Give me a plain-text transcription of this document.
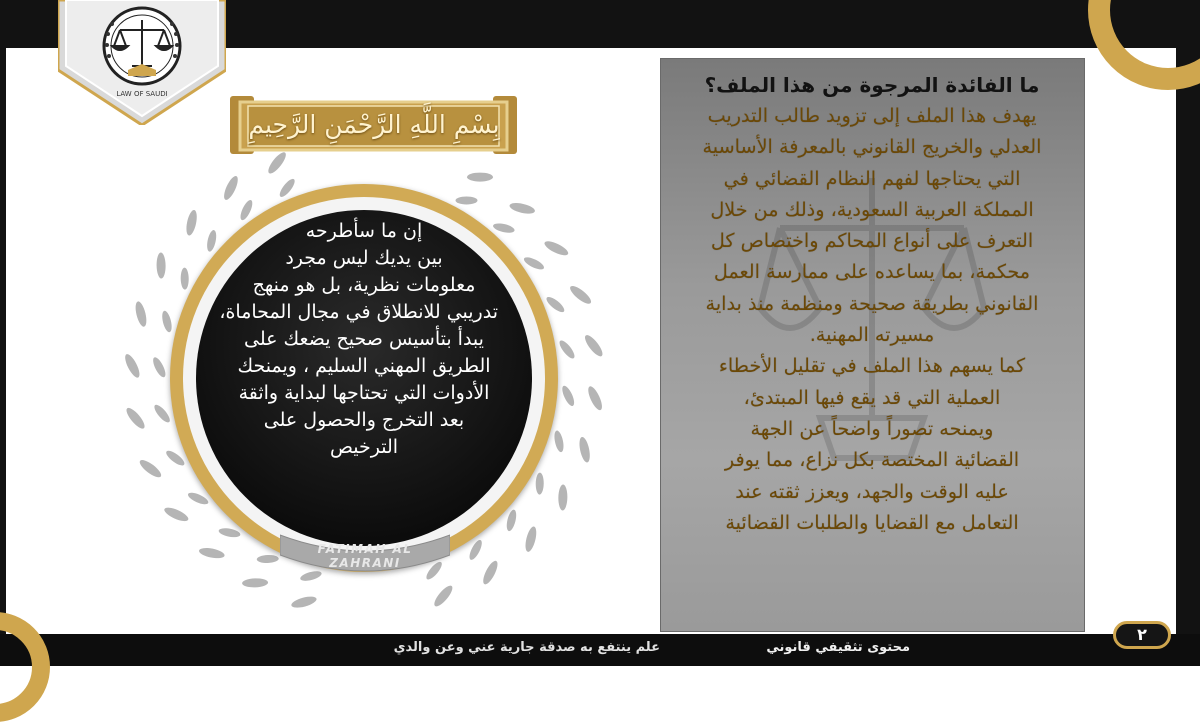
LAW OF SAUDI
بِسْمِ اللَّهِ الرَّحْمَنِ الرَّحِيمِ
إن ما سأطرحه
بين يديك ليس مجرد
معلومات نظرية، بل هو منهج
تدريبي للانطلاق في مجال المحاماة،
يبدأ بتأسيس صحيح يضعك على
الطريق المهني السليم ، ويمنحك
الأدوات التي تحتاجها لبداية واثقة
بعد التخرج والحصول على
الترخيص
FATIMAH AL ZAHRANI
ما الفائدة المرجوة من هذا الملف؟
يهدف هذا الملف إلى تزويد طالب التدريب
العدلي والخريج القانوني بالمعرفة الأساسية
التي يحتاجها لفهم النظام القضائي في
المملكة العربية السعودية، وذلك من خلال
التعرف على أنواع المحاكم واختصاص كل
محكمة، بما يساعده على ممارسة العمل
القانوني بطريقة صحيحة ومنظمة منذ بداية
مسيرته المهنية.
كما يسهم هذا الملف في تقليل الأخطاء
العملية التي قد يقع فيها المبتدئ،
ويمنحه تصوراً واضحاً عن الجهة
القضائية المختصة بكل نزاع، مما يوفر
عليه الوقت والجهد، ويعزز ثقته عند
التعامل مع القضايا والطلبات القضائية
٢
محتوى تثقيفي قانوني
علم ينتفع به صدقة جارية عني وعن والدي
